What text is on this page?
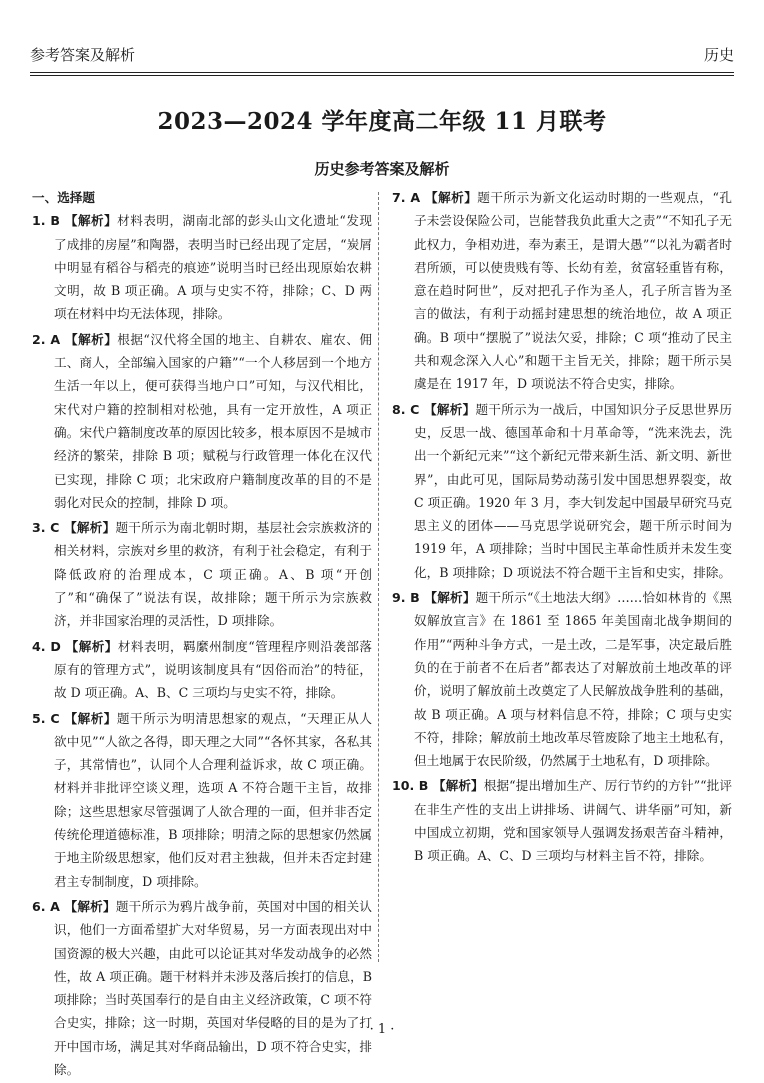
参考答案及解析	历史
2023—2024 学年度高二年级 11 月联考
历史参考答案及解析
一、选择题
1. B 【解析】材料表明，湖南北部的彭头山文化遗址“发现了成排的房屋”和陶器，表明当时已经出现了定居，“炭屑中明显有稻谷与稻壳的痕迹”说明当时已经出现原始农耕文明，故 B 项正确。A 项与史实不符，排除；C、D 两项在材料中均无法体现，排除。
2. A 【解析】根据“汉代将全国的地主、自耕农、雇农、佣工、商人，全部编入国家的户籍”“一个人移居到一个地方生活一年以上，便可获得当地户口”可知，与汉代相比，宋代对户籍的控制相对松弛，具有一定开放性，A 项正确。宋代户籍制度改革的原因比较多，根本原因不是城市经济的繁荣，排除 B 项；赋税与行政管理一体化在汉代已实现，排除 C 项；北宋政府户籍制度改革的目的不是弱化对民众的控制，排除 D 项。
3. C 【解析】题干所示为南北朝时期，基层社会宗族救济的相关材料，宗族对乡里的救济，有利于社会稳定，有利于降低政府的治理成本，C 项正确。A、B 项“开创了”和“确保了”说法有误，故排除；题干所示为宗族救济，并非国家治理的灵活性，D 项排除。
4. D 【解析】材料表明，羁縻州制度“管理程序则沿袭部落原有的管理方式”，说明该制度具有“因俗而治”的特征，故 D 项正确。A、B、C 三项均与史实不符，排除。
5. C 【解析】题干所示为明清思想家的观点，“天理正从人欲中见”“人欲之各得，即天理之大同”“各怀其家，各私其子，其常情也”，认同个人合理利益诉求，故 C 项正确。材料并非批评空谈义理，选项 A 不符合题干主旨，故排除；这些思想家尽管强调了人欲合理的一面，但并非否定传统伦理道德标准，B 项排除；明清之际的思想家仍然属于地主阶级思想家，他们反对君主独裁，但并未否定封建君主专制制度，D 项排除。
6. A 【解析】题干所示为鸦片战争前，英国对中国的相关认识，他们一方面希望扩大对华贸易，另一方面表现出对中国资源的极大兴趣，由此可以论证其对华发动战争的必然性，故 A 项正确。题干材料并未涉及落后挨打的信息，B 项排除；当时英国奉行的是自由主义经济政策，C 项不符合史实，排除；这一时期，英国对华侵略的目的是为了打开中国市场，满足其对华商品输出，D 项不符合史实，排除。
7. A 【解析】题干所示为新文化运动时期的一些观点，“孔子未尝设保险公司，岂能替我负此重大之责”“不知孔子无此权力，争相劝进，奉为素王，是谓大愚”“以礼为霸者时君所颁，可以使贵贱有等、长幼有差，贫富轻重皆有称，意在趋时阿世”，反对把孔子作为圣人，孔子所言皆为圣言的做法，有利于动摇封建思想的统治地位，故 A 项正确。B 项中“摆脱了”说法欠妥，排除；C 项“推动了民主共和观念深入人心”和题干主旨无关，排除；题干所示吴虞是在 1917 年，D 项说法不符合史实，排除。
8. C 【解析】题干所示为一战后，中国知识分子反思世界历史，反思一战、德国革命和十月革命等，“洗来洗去，洗出一个新纪元来”“这个新纪元带来新生活、新文明、新世界”，由此可见，国际局势动荡引发中国思想界裂变，故 C 项正确。1920 年 3 月，李大钊发起中国最早研究马克思主义的团体——马克思学说研究会，题干所示时间为 1919 年，A 项排除；当时中国民主革命性质并未发生变化，B 项排除；D 项说法不符合题干主旨和史实，排除。
9. B 【解析】题干所示“《土地法大纲》……恰如林肯的《黑奴解放宣言》在 1861 至 1865 年美国南北战争期间的作用”“两种斗争方式，一是土改，二是军事，决定最后胜负的在于前者不在后者”都表达了对解放前土地改革的评价，说明了解放前土改奠定了人民解放战争胜利的基础，故 B 项正确。A 项与材料信息不符，排除；C 项与史实不符，排除；解放前土地改革尽管废除了地主土地私有，但土地属于农民阶级，仍然属于土地私有，D 项排除。
10. B 【解析】根据“提出增加生产、厉行节约的方针”“批评在非生产性的支出上讲排场、讲阔气、讲华丽”可知，新中国成立初期，党和国家领导人强调发扬艰苦奋斗精神，B 项正确。A、C、D 三项均与材料主旨不符，排除。
· 1 ·
